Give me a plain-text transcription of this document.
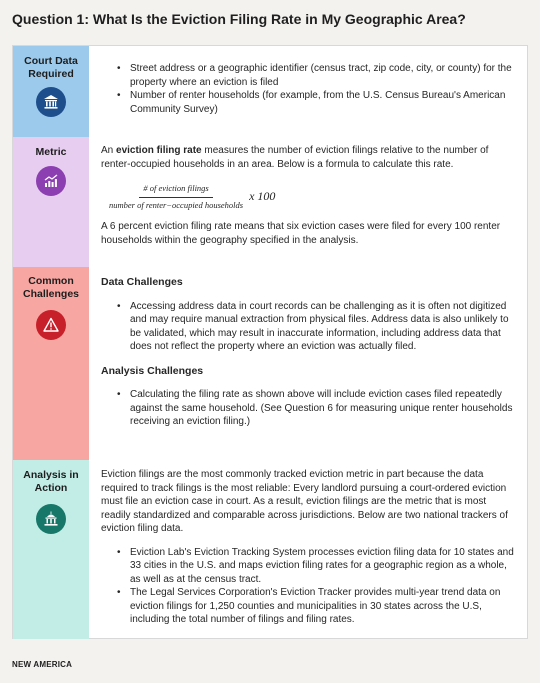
Question 1: What Is the Eviction Filing Rate in My Geographic Area?
Court Data Required
•	Street address or a geographic identifier (census tract, zip code, city, or county) for the property where an eviction is filed
• Number of renter households (for example, from the U.S. Census Bureau's American Community Survey)
Metric	An eviction filing rate measures the number of eviction filings relative to the number of renter-occupied households in an area. Below is a formula to calculate this rate.

$\frac{\text{\# of eviction filings}}{\text{number of renter−occupied households}}$ x 100

A 6 percent eviction filing rate means that six eviction cases were filed for every 100 renter households within the geography specified in the analysis.

Common Challenges
Data Challenges
• Accessing address data in court records can be challenging as it is often not digitized and may require manual extraction from physical files. Address data is also unlikely to be validated, which may result in inaccurate information, including address data that does not reflect the property where an eviction was actually filed.
Analysis Challenges
• Calculating the filing rate as shown above will include eviction cases filed repeatedly against the same household. (See Question 6 for measuring unique renter households receiving an eviction filing.)
Analysis in Action

Eviction filings are the most commonly tracked eviction metric in part because the data required to track filings is the most reliable: Every landlord pursuing a court-ordered eviction must file an eviction case in court. As a result, eviction filings are the metric that is most readily standardized and comparable across jurisdictions. Below are two national trackers of eviction filing data.

• Eviction Lab's Eviction Tracking System processes eviction filing data for 10 states and 33 cities in the U.S. and maps eviction filing rates for a geographic region as a whole, as well as at the census tract.
• The Legal Services Corporation's Eviction Tracker provides multi-year trend data on eviction filings for 1,250 counties and municipalities in 30 states across the U.S, including the total number of filings and filing rates.
NEW AMERICA
